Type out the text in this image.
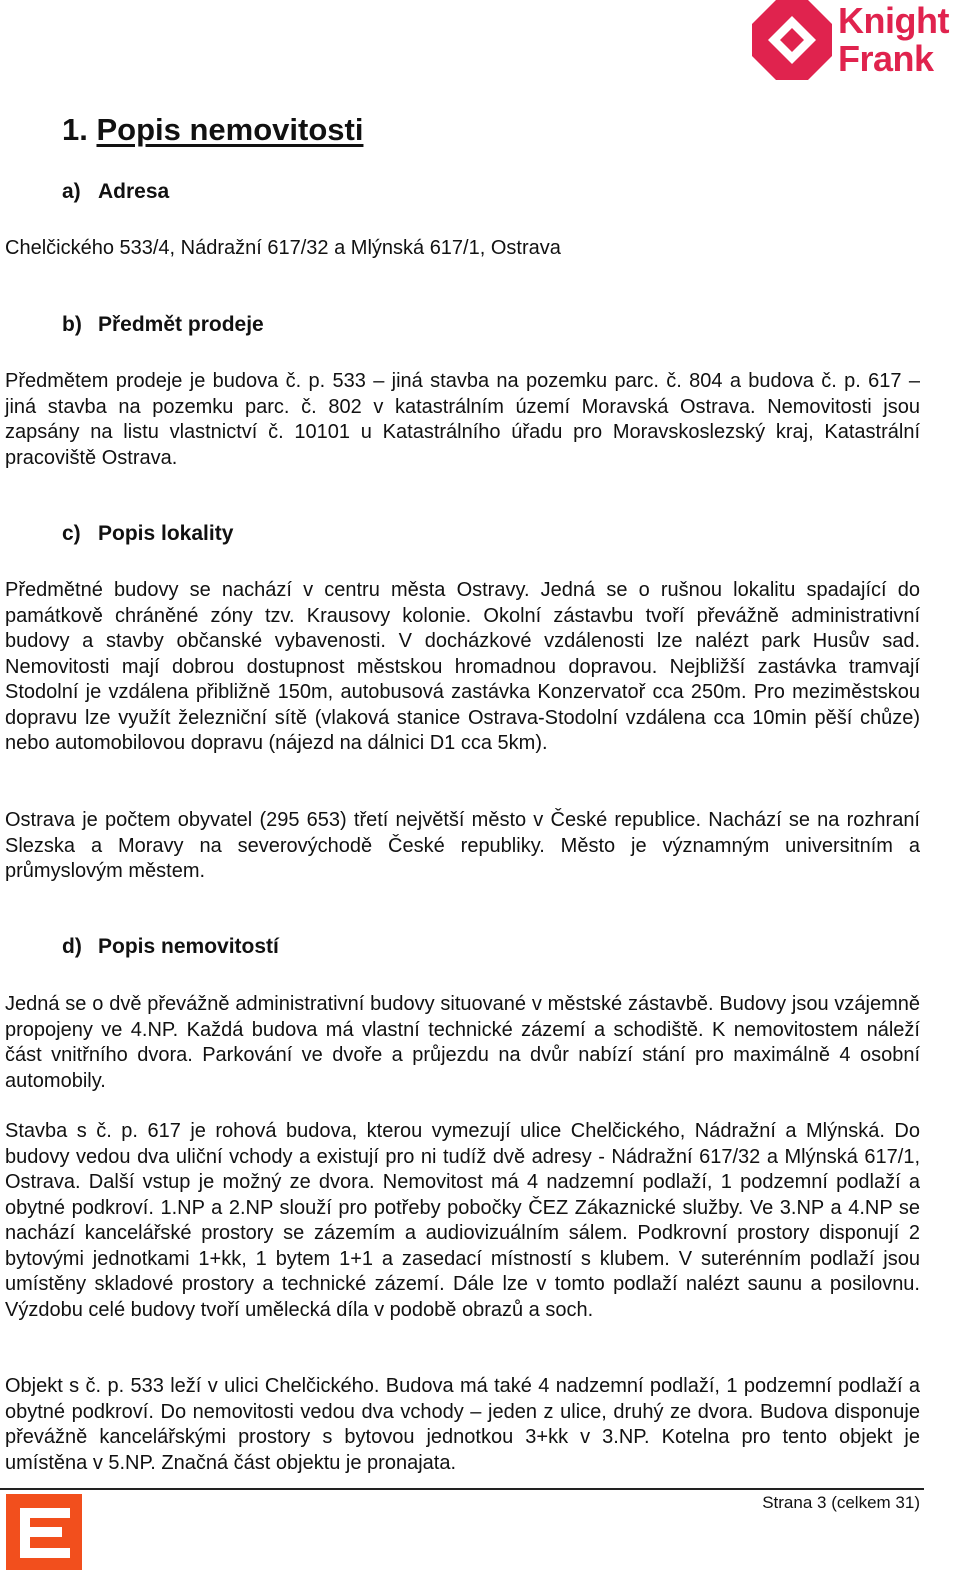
Knight
Frank
1. Popis nemovitosti
a) Adresa

Chelčického 533/4, Nádražní 617/32 a Mlýnská 617/1, Ostrava

b) Předmět prodeje

Předmětem prodeje je budova č. p. 533 – jiná stavba na pozemku parc. č. 804 a budova č. p. 617 – jiná stavba na pozemku parc. č. 802 v katastrálním území Moravská Ostrava. Nemovitosti jsou zapsány na listu vlastnictví č. 10101 u Katastrálního úřadu pro Moravskoslezský kraj, Katastrální pracoviště Ostrava.

c) Popis lokality

Předmětné budovy se nachází v centru města Ostravy. Jedná se o rušnou lokalitu spadající do památkově chráněné zóny tzv. Krausovy kolonie. Okolní zástavbu tvoří převážně administrativní budovy a stavby občanské vybavenosti. V docházkové vzdálenosti lze nalézt park Husův sad. Nemovitosti mají dobrou dostupnost městskou hromadnou dopravou. Nejbližší zastávka tramvají Stodolní je vzdálena přibližně 150m, autobusová zastávka Konzervatoř cca 250m. Pro meziměstskou dopravu lze využít železniční sítě (vlaková stanice Ostrava-Stodolní vzdálena cca 10min pěší chůze) nebo automobilovou dopravu (nájezd na dálnici D1 cca 5km).

Ostrava je počtem obyvatel (295 653) třetí největší město v České republice. Nachází se na rozhraní Slezska a Moravy na severovýchodě České republiky. Město je významným universitním a průmyslovým městem.

d) Popis nemovitostí

Jedná se o dvě převážně administrativní budovy situované v městské zástavbě. Budovy jsou vzájemně propojeny ve 4.NP. Každá budova má vlastní technické zázemí a schodiště. K nemovitostem náleží část vnitřního dvora. Parkování ve dvoře a průjezdu na dvůr nabízí stání pro maximálně 4 osobní automobily.

Stavba s č. p. 617 je rohová budova, kterou vymezují ulice Chelčického, Nádražní a Mlýnská. Do budovy vedou dva uliční vchody a existují pro ni tudíž dvě adresy - Nádražní 617/32 a Mlýnská 617/1, Ostrava. Další vstup je možný ze dvora. Nemovitost má 4 nadzemní podlaží, 1 podzemní podlaží a obytné podkroví. 1.NP a 2.NP slouží pro potřeby pobočky ČEZ Zákaznické služby. Ve 3.NP a 4.NP se nachází kancelářské prostory se zázemím a audiovizuálním sálem. Podkrovní prostory disponují 2 bytovými jednotkami 1+kk, 1 bytem 1+1 a zasedací místností s klubem. V suterénním podlaží jsou umístěny skladové prostory a technické zázemí. Dále lze v tomto podlaží nalézt saunu a posilovnu. Výzdobu celé budovy tvoří umělecká díla v podobě obrazů a soch.

Objekt s č. p. 533 leží v ulici Chelčického. Budova má také 4 nadzemní podlaží, 1 podzemní podlaží a obytné podkroví. Do nemovitosti vedou dva vchody – jeden z ulice, druhý ze dvora. Budova disponuje převážně kancelářskými prostory s bytovou jednotkou 3+kk v 3.NP. Kotelna pro tento objekt je umístěna v 5.NP. Značná část objektu je pronajata.

Strana 3 (celkem 31)
